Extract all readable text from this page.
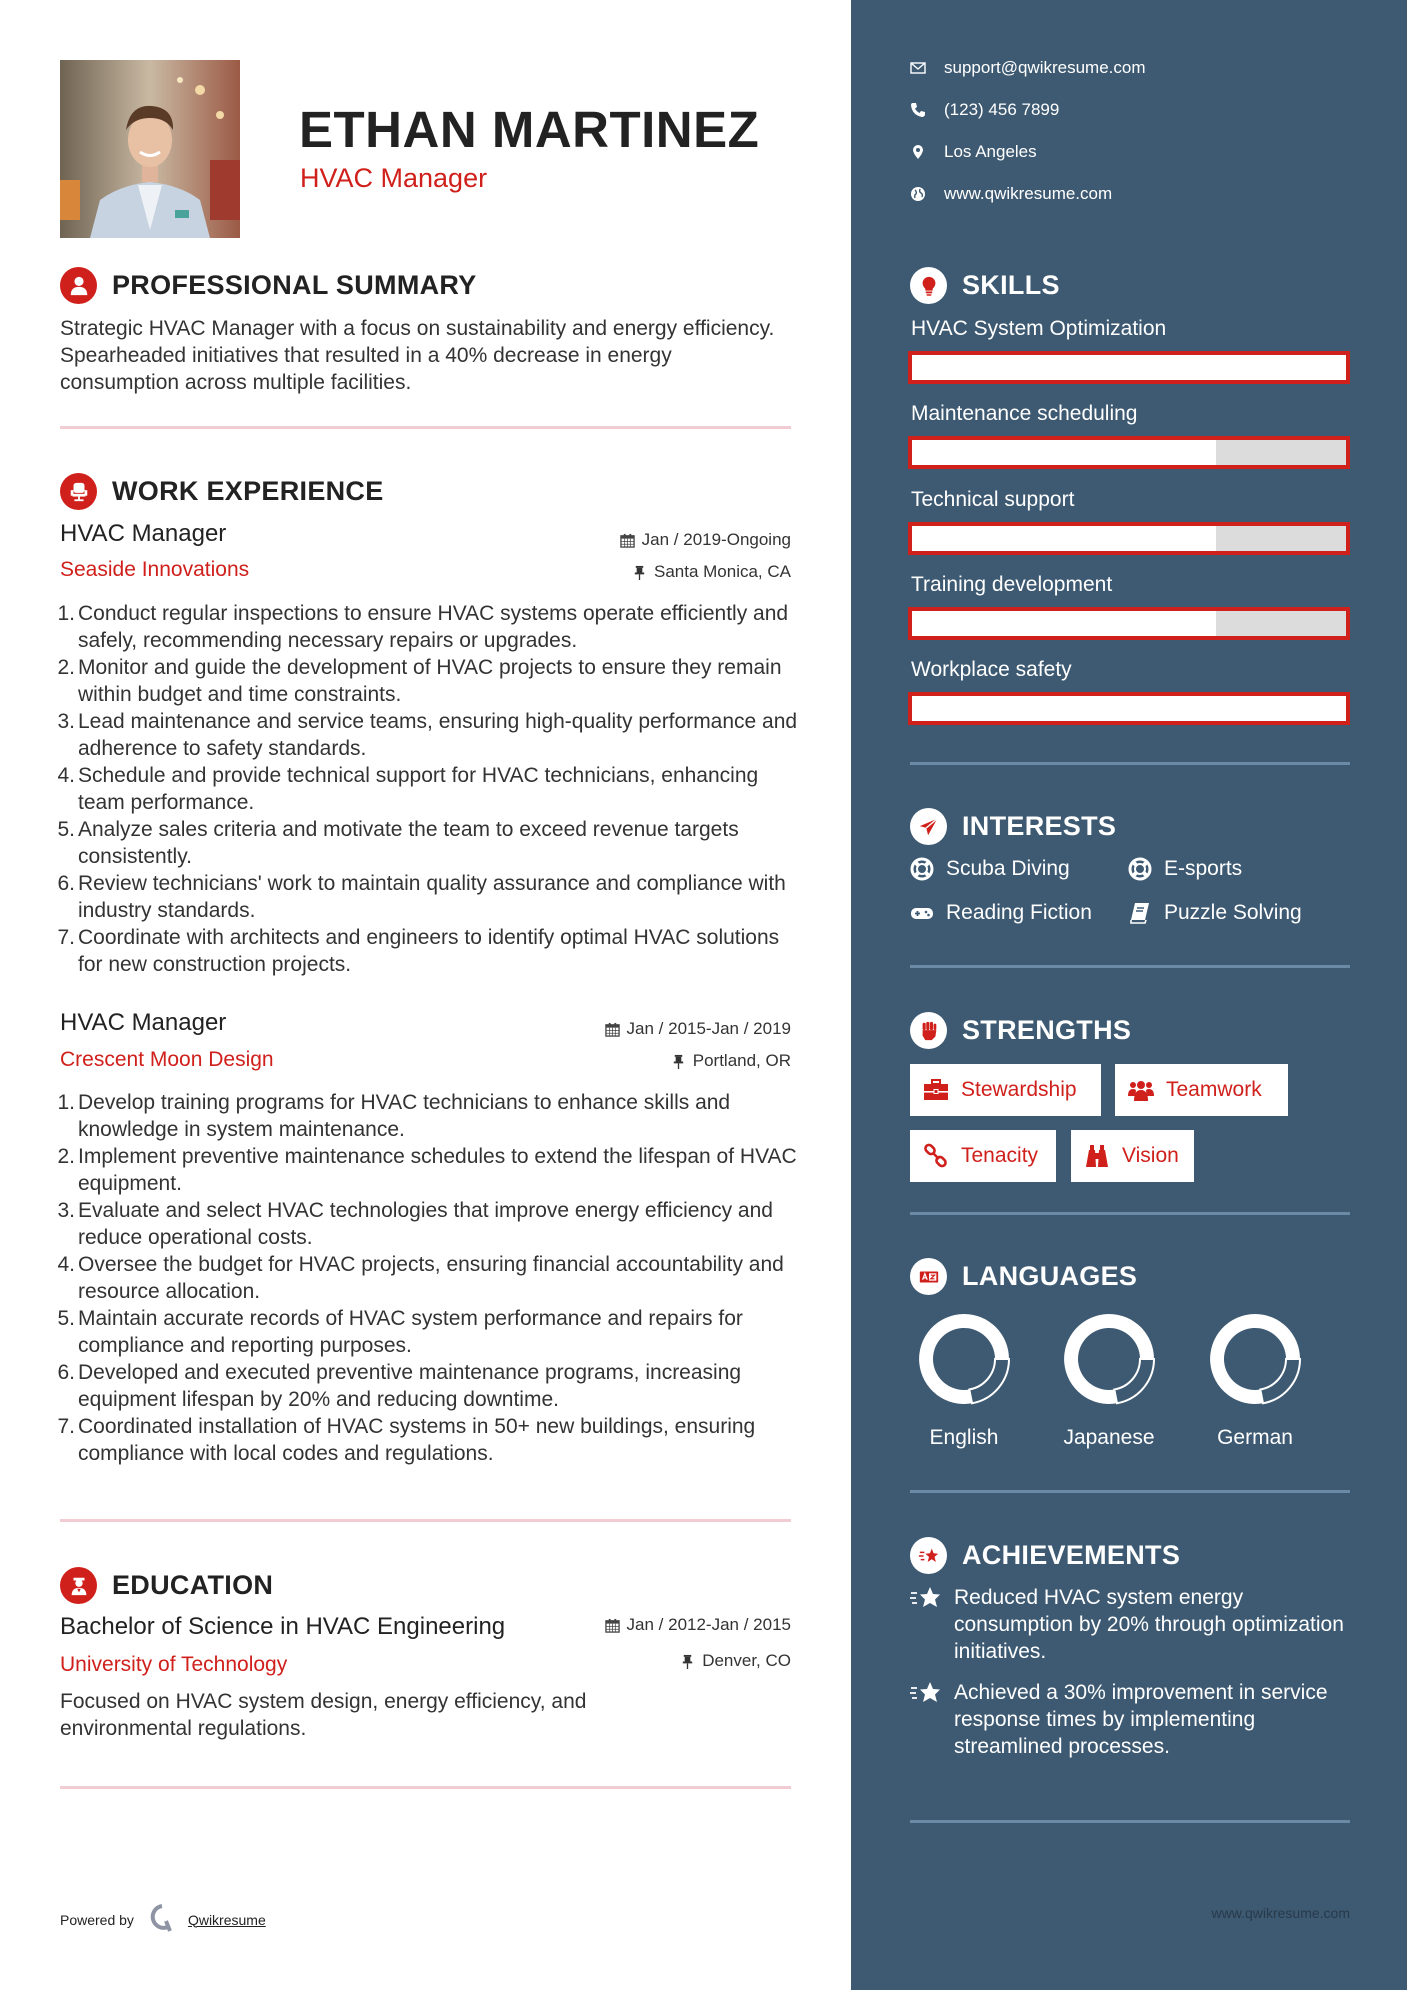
ETHAN MARTINEZ
HVAC Manager
PROFESSIONAL SUMMARY
Strategic HVAC Manager with a focus on sustainability and energy efficiency. Spearheaded initiatives that resulted in a 40% decrease in energy consumption across multiple facilities.
WORK EXPERIENCE
HVAC Manager
Seaside Innovations
Jan / 2019-Ongoing
Santa Monica, CA
1. Conduct regular inspections to ensure HVAC systems operate efficiently and safely, recommending necessary repairs or upgrades.
2. Monitor and guide the development of HVAC projects to ensure they remain within budget and time constraints.
3. Lead maintenance and service teams, ensuring high-quality performance and adherence to safety standards.
4. Schedule and provide technical support for HVAC technicians, enhancing team performance.
5. Analyze sales criteria and motivate the team to exceed revenue targets consistently.
6. Review technicians' work to maintain quality assurance and compliance with industry standards.
7. Coordinate with architects and engineers to identify optimal HVAC solutions for new construction projects.
HVAC Manager
Crescent Moon Design
Jan / 2015-Jan / 2019
Portland, OR
1. Develop training programs for HVAC technicians to enhance skills and knowledge in system maintenance.
2. Implement preventive maintenance schedules to extend the lifespan of HVAC equipment.
3. Evaluate and select HVAC technologies that improve energy efficiency and reduce operational costs.
4. Oversee the budget for HVAC projects, ensuring financial accountability and resource allocation.
5. Maintain accurate records of HVAC system performance and repairs for compliance and reporting purposes.
6. Developed and executed preventive maintenance programs, increasing equipment lifespan by 20% and reducing downtime.
7. Coordinated installation of HVAC systems in 50+ new buildings, ensuring compliance with local codes and regulations.
EDUCATION
Bachelor of Science in HVAC Engineering
University of Technology
Jan / 2012-Jan / 2015
Denver, CO
Focused on HVAC system design, energy efficiency, and environmental regulations.
Powered by	Qwikresume
support@qwikresume.com
(123) 456 7899
Los Angeles
www.qwikresume.com
SKILLS
HVAC System Optimization
Maintenance scheduling
Technical support
Training development
Workplace safety
INTERESTS
Scuba Diving	E-sports
Reading Fiction	Puzzle Solving
STRENGTHS
Stewardship	Teamwork
Tenacity	Vision
LANGUAGES
English	Japanese	German
ACHIEVEMENTS
Reduced HVAC system energy consumption by 20% through optimization initiatives.
Achieved a 30% improvement in service response times by implementing streamlined processes.
www.qwikresume.com
